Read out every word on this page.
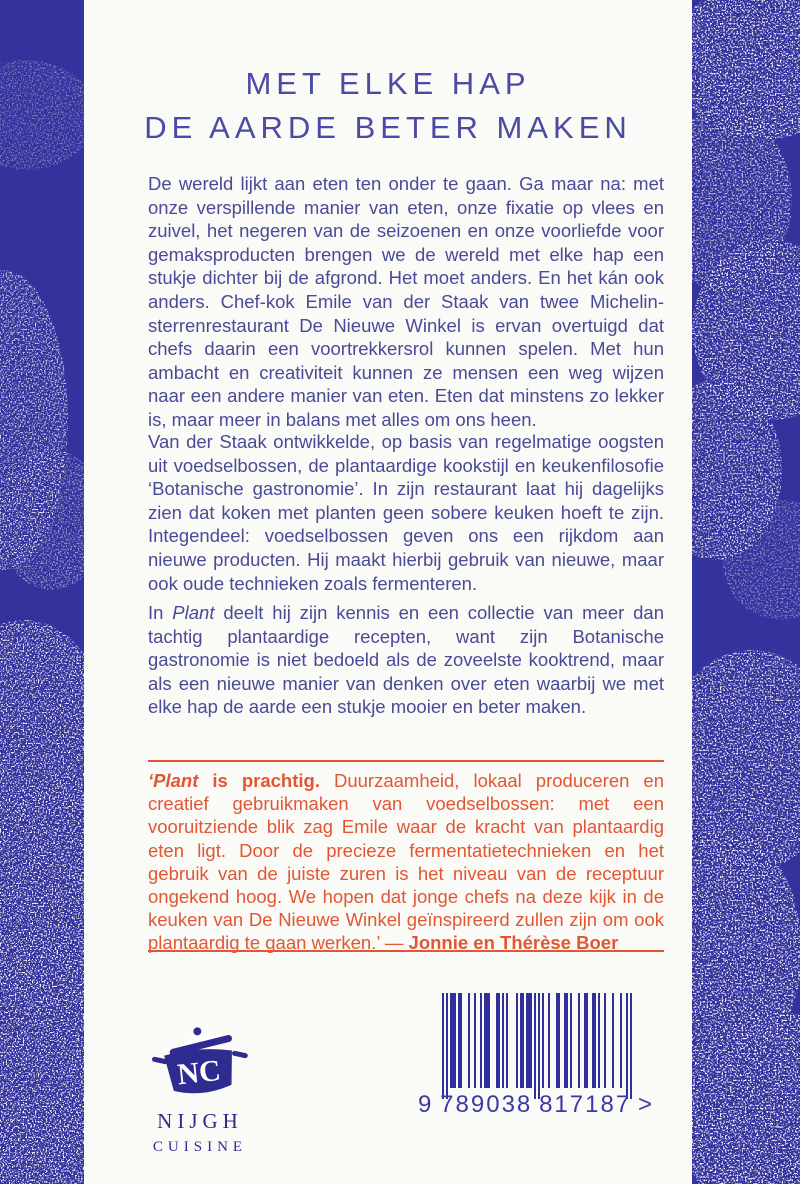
MET ELKE HAP
DE AARDE BETER MAKEN

De wereld lijkt aan eten ten onder te gaan. Ga maar na: met onze verspillende manier van eten, onze fixatie op vlees en zuivel, het negeren van de seizoenen en onze voorliefde voor gemaksproducten brengen we de wereld met elke hap een stukje dichter bij de afgrond. Het moet anders. En het kán ook anders. Chef-kok Emile van der Staak van twee Michelinsterrenrestaurant De Nieuwe Winkel is ervan overtuigd dat chefs daarin een voortrekkersrol kunnen spelen. Met hun ambacht en creativiteit kunnen ze mensen een weg wijzen naar een andere manier van eten. Eten dat minstens zo lekker is, maar meer in balans met alles om ons heen.

Van der Staak ontwikkelde, op basis van regelmatige oogsten uit voedselbossen, de plantaardige kookstijl en keukenfilosofie ‘Botanische gastronomie’. In zijn restaurant laat hij dagelijks zien dat koken met planten geen sobere keuken hoeft te zijn. Integendeel: voedselbossen geven ons een rijkdom aan nieuwe producten. Hij maakt hierbij gebruik van nieuwe, maar ook oude technieken zoals fermenteren.

In Plant deelt hij zijn kennis en een collectie van meer dan tachtig plantaardige recepten, want zijn Botanische gastronomie is niet bedoeld als de zoveelste kooktrend, maar als een nieuwe manier van denken over eten waarbij we met elke hap de aarde een stukje mooier en beter maken.

‘Plant is prachtig. Duurzaamheid, lokaal produceren en creatief gebruikmaken van voedselbossen: met een vooruitziende blik zag Emile waar de kracht van plantaardig eten ligt. Door de precieze fermentatietechnieken en het gebruik van de juiste zuren is het niveau van de receptuur ongekend hoog. We hopen dat jonge chefs na deze kijk in de keuken van De Nieuwe Winkel geïnspireerd zullen zijn om ook plantaardig te gaan werken.’ — Jonnie en Thérèse Boer

NC
NIJGH
CUISINE
9 789038 817187 >
